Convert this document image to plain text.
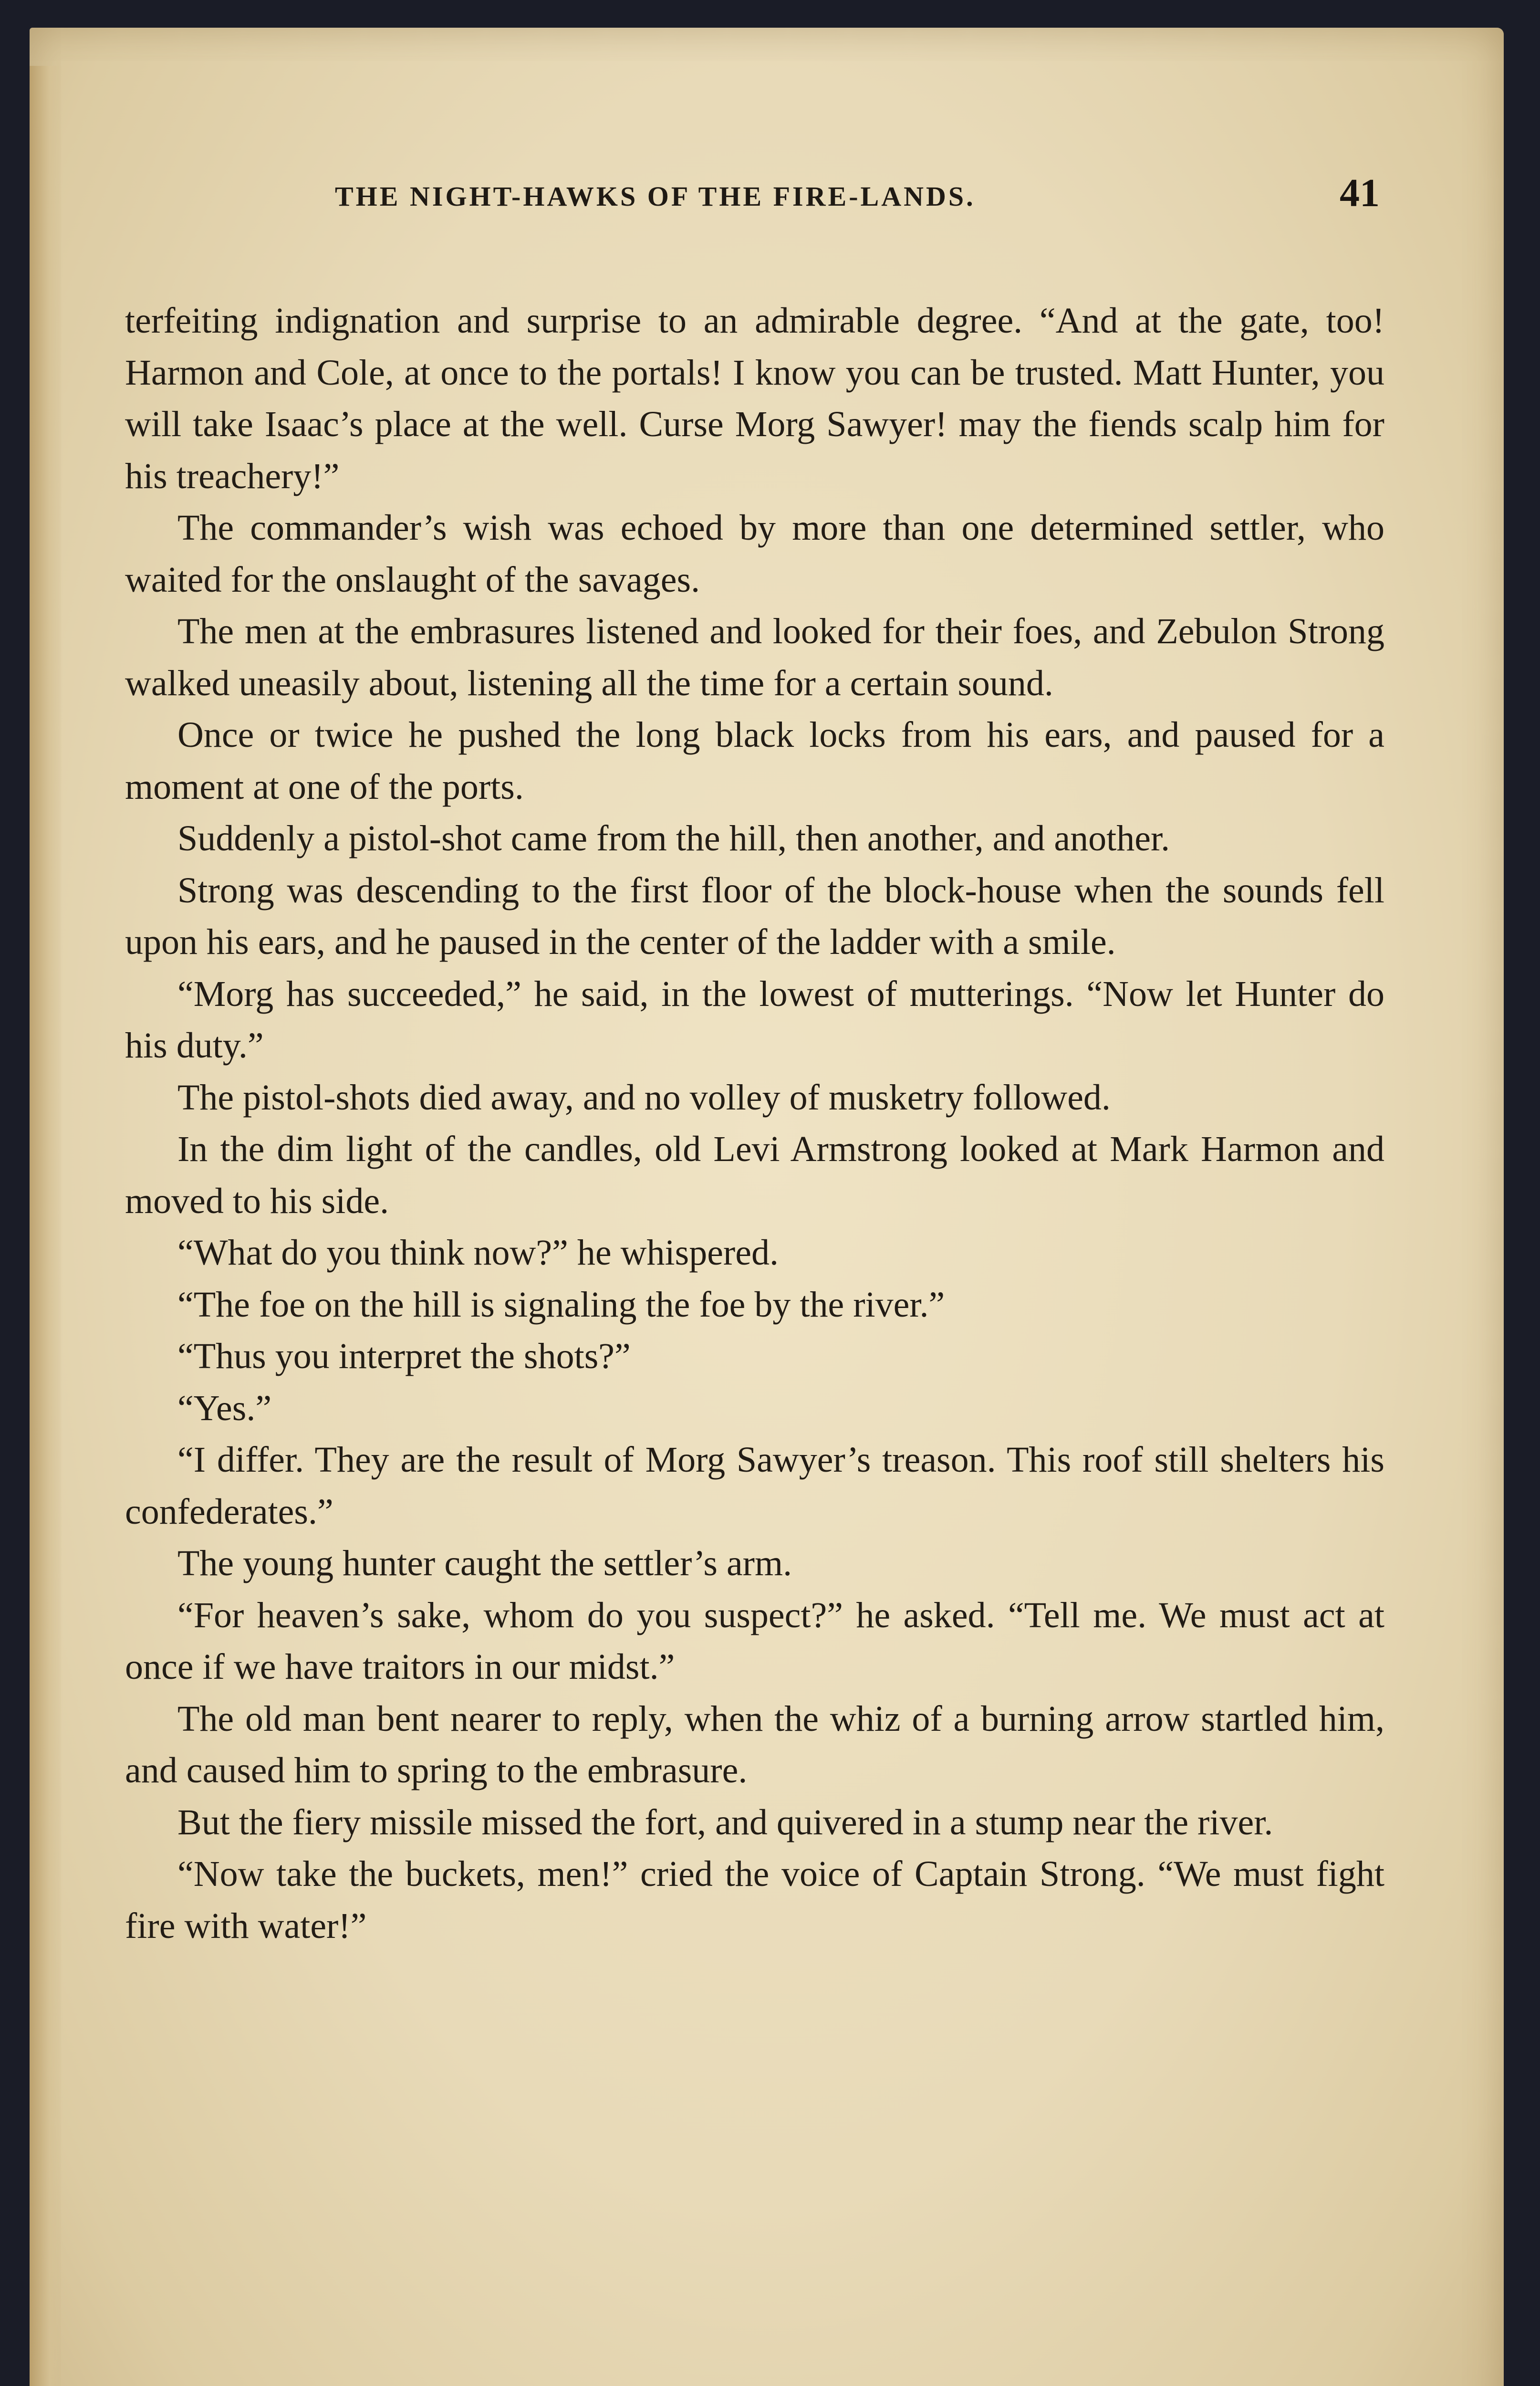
THE NIGHT-HAWKS OF THE FIRE-LANDS.	41

terfeiting indignation and surprise to an admirable degree. “And at the gate, too! Harmon and Cole, at once to the portals! I know you can be trusted. Matt Hunter, you will take Isaac’s place at the well. Curse Morg Sawyer! may the fiends scalp him for his treachery!”

The commander’s wish was echoed by more than one determined settler, who waited for the onslaught of the savages.

The men at the embrasures listened and looked for their foes, and Zebulon Strong walked uneasily about, listening all the time for a certain sound.

Once or twice he pushed the long black locks from his ears, and paused for a moment at one of the ports.

Suddenly a pistol-shot came from the hill, then another, and another.

Strong was descending to the first floor of the block-house when the sounds fell upon his ears, and he paused in the center of the ladder with a smile.

“Morg has succeeded,” he said, in the lowest of mutterings. “Now let Hunter do his duty.”

The pistol-shots died away, and no volley of musketry followed.

In the dim light of the candles, old Levi Armstrong looked at Mark Harmon and moved to his side.

“What do you think now?” he whispered.

“The foe on the hill is signaling the foe by the river.”

“Thus you interpret the shots?”

“Yes.”

“I differ. They are the result of Morg Sawyer’s treason. This roof still shelters his confederates.”

The young hunter caught the settler’s arm.

“For heaven’s sake, whom do you suspect?” he asked. “Tell me. We must act at once if we have traitors in our midst.”

The old man bent nearer to reply, when the whiz of a burning arrow startled him, and caused him to spring to the embrasure.

But the fiery missile missed the fort, and quivered in a stump near the river.

“Now take the buckets, men!” cried the voice of Captain Strong. “We must fight fire with water!”
